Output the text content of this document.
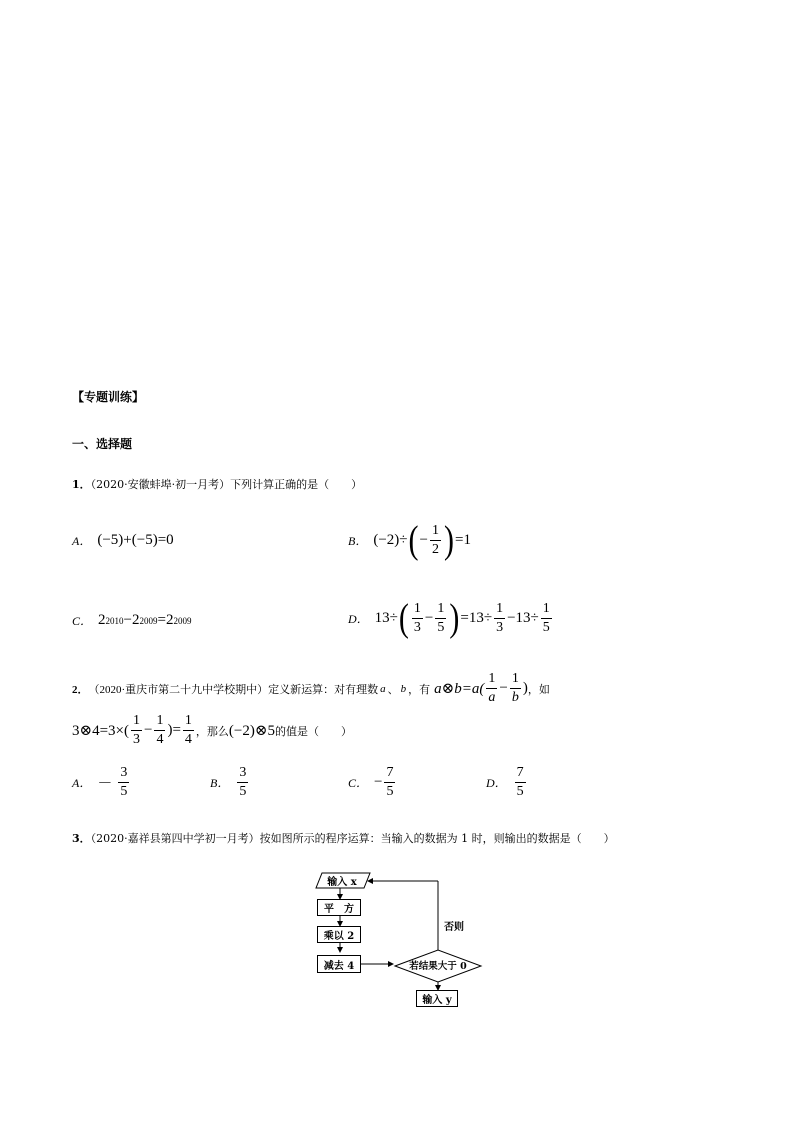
【专题训练】
一、选择题
1．（2020·安徽蚌埠·初一月考）下列计算正确的是（　　）
A． (−5)+(−5)=0	B． (−2)÷ ( − $\frac{1}{2}$ ) =1
C． 2 2010 −2 2009 =2 2009	D． 13÷ ( 1
3
− $\frac{1}{5}$ ) $=13\div \frac{1}{3} -13\div \frac{1}{5}$
2． （2020·重庆市第二十九中学校期中） 定义新运算：对有理数 a 、 b ，有 a⊗b=a(
1
a
− $\frac{1}{b}$ ) ，如
3⊗4=3×(
1
3
− $\frac{1}{4}$ )= $\frac{1}{4}$ ，那么 (−2)⊗5 的值是（　　）
A． －
3
5
B．
3
5
C． − $\frac{7}{5}$	D．
7
5
3．（2020·嘉祥县第四中学初一月考）按如图所示的程序运算：当输入的数据为 1 时，则输出的数据是（　　）
输入 x
平　方
乘以 2
减去 4	若结果大于 0
否则
输入 y
